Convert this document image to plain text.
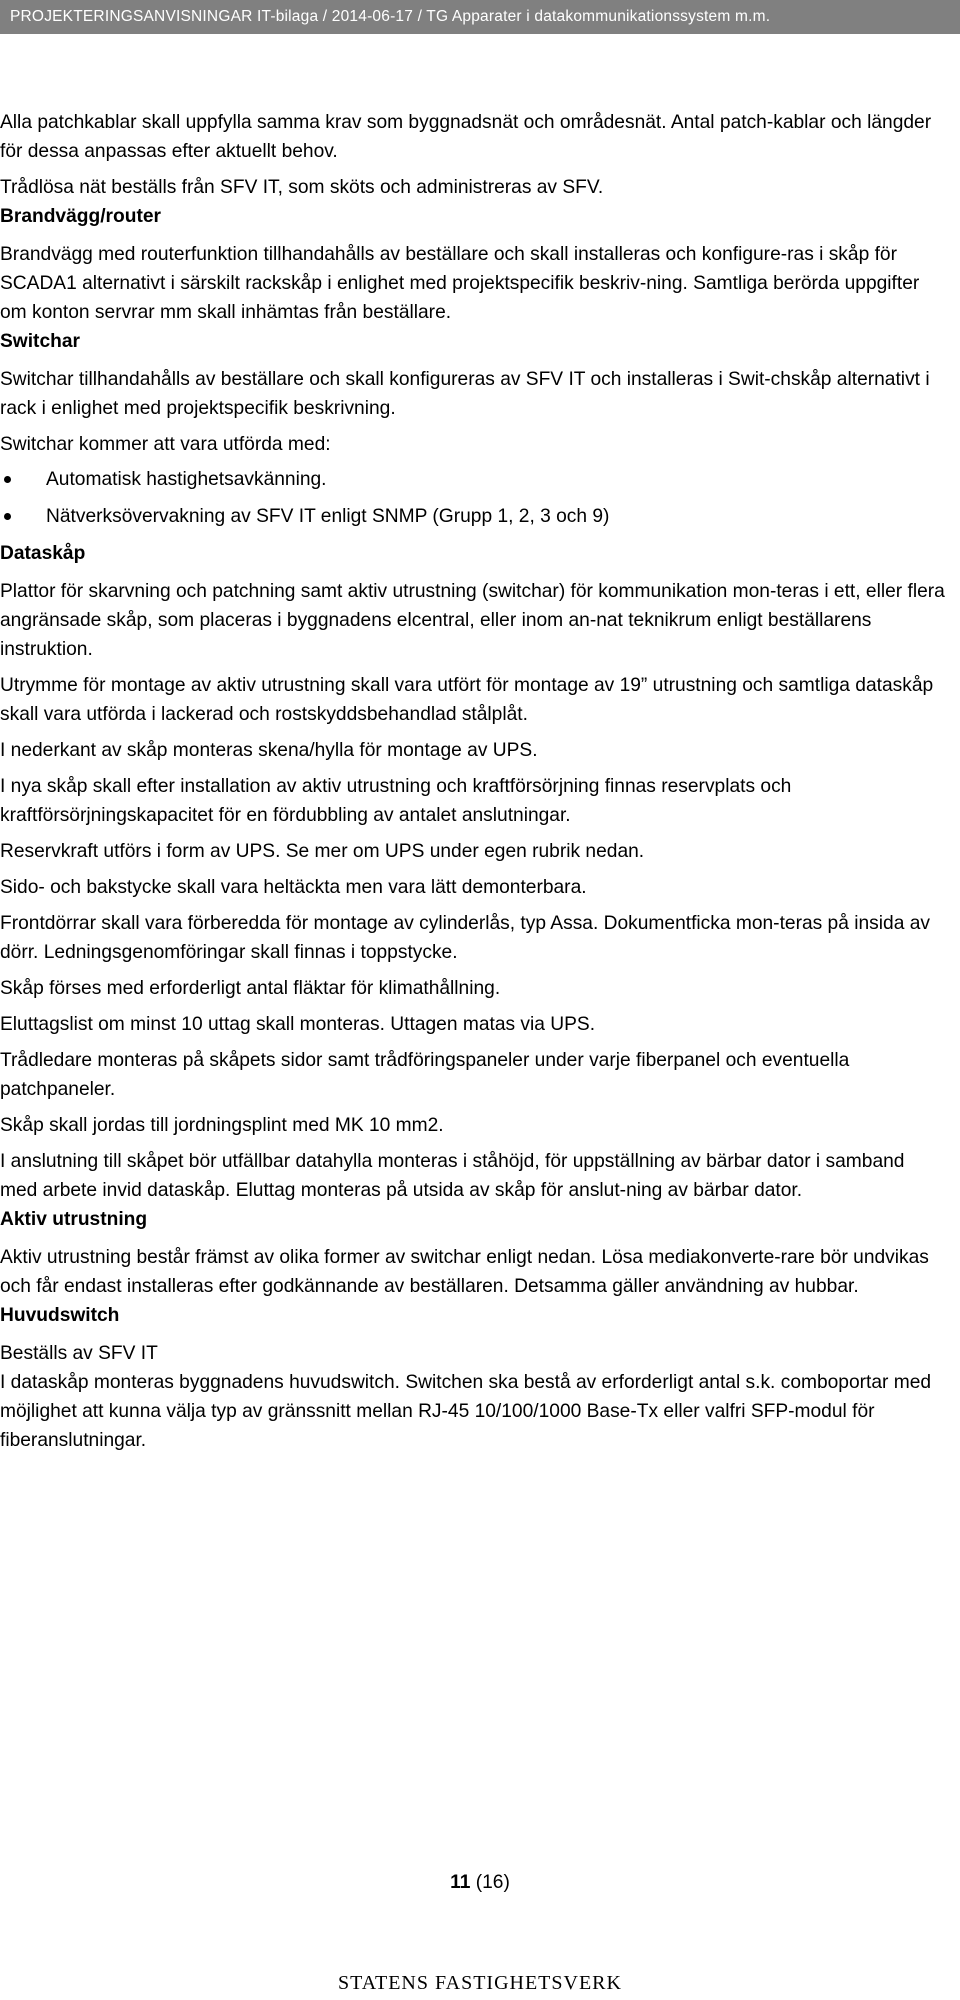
PROJEKTERINGSANVISNINGAR IT-bilaga / 2014-06-17 / TG Apparater i datakommunikationssystem m.m.

Alla patchkablar skall uppfylla samma krav som byggnadsnät och områdesnät. Antal patch-kablar och längder för dessa anpassas efter aktuellt behov.

Trådlösa nät beställs från SFV IT, som sköts och administreras av SFV.

Brandvägg/router

Brandvägg med routerfunktion tillhandahålls av beställare och skall installeras och konfigure-ras i skåp för SCADA1 alternativt i särskilt rackskåp i enlighet med projektspecifik beskriv-ning. Samtliga berörda uppgifter om konton servrar mm skall inhämtas från beställare.

Switchar

Switchar tillhandahålls av beställare och skall konfigureras av SFV IT och installeras i Swit-chskåp alternativt i rack i enlighet med projektspecifik beskrivning.

Switchar kommer att vara utförda med:

Automatisk hastighetsavkänning.
Nätverksövervakning av SFV IT enligt SNMP (Grupp 1, 2, 3 och 9)
Dataskåp

Plattor för skarvning och patchning samt aktiv utrustning (switchar) för kommunikation mon-teras i ett, eller flera angränsade skåp, som placeras i byggnadens elcentral, eller inom an-nat teknikrum enligt beställarens instruktion.

Utrymme för montage av aktiv utrustning skall vara utfört för montage av 19” utrustning och samtliga dataskåp skall vara utförda i lackerad och rostskyddsbehandlad stålplåt.

I nederkant av skåp monteras skena/hylla för montage av UPS.

I nya skåp skall efter installation av aktiv utrustning och kraftförsörjning finnas reservplats och kraftförsörjningskapacitet för en fördubbling av antalet anslutningar.

Reservkraft utförs i form av UPS. Se mer om UPS under egen rubrik nedan.

Sido- och bakstycke skall vara heltäckta men vara lätt demonterbara.

Frontdörrar skall vara förberedda för montage av cylinderlås, typ Assa. Dokumentficka mon-teras på insida av dörr. Ledningsgenomföringar skall finnas i toppstycke.

Skåp förses med erforderligt antal fläktar för klimathållning.

Eluttagslist om minst 10 uttag skall monteras. Uttagen matas via UPS.

Trådledare monteras på skåpets sidor samt trådföringspaneler under varje fiberpanel och eventuella patchpaneler.

Skåp skall jordas till jordningsplint med MK 10 mm2.

I anslutning till skåpet bör utfällbar datahylla monteras i ståhöjd, för uppställning av bärbar dator i samband med arbete invid dataskåp. Eluttag monteras på utsida av skåp för anslut-ning av bärbar dator.

Aktiv utrustning

Aktiv utrustning består främst av olika former av switchar enligt nedan. Lösa mediakonverte-rare bör undvikas och får endast installeras efter godkännande av beställaren. Detsamma gäller användning av hubbar.

Huvudswitch

Beställs av SFV IT

I dataskåp monteras byggnadens huvudswitch. Switchen ska bestå av erforderligt antal s.k. comboportar med möjlighet att kunna välja typ av gränssnitt mellan RJ-45 10/100/1000 Base-Tx eller valfri SFP-modul för fiberanslutningar.

11 (16)
STATENS FASTIGHETSVERK
